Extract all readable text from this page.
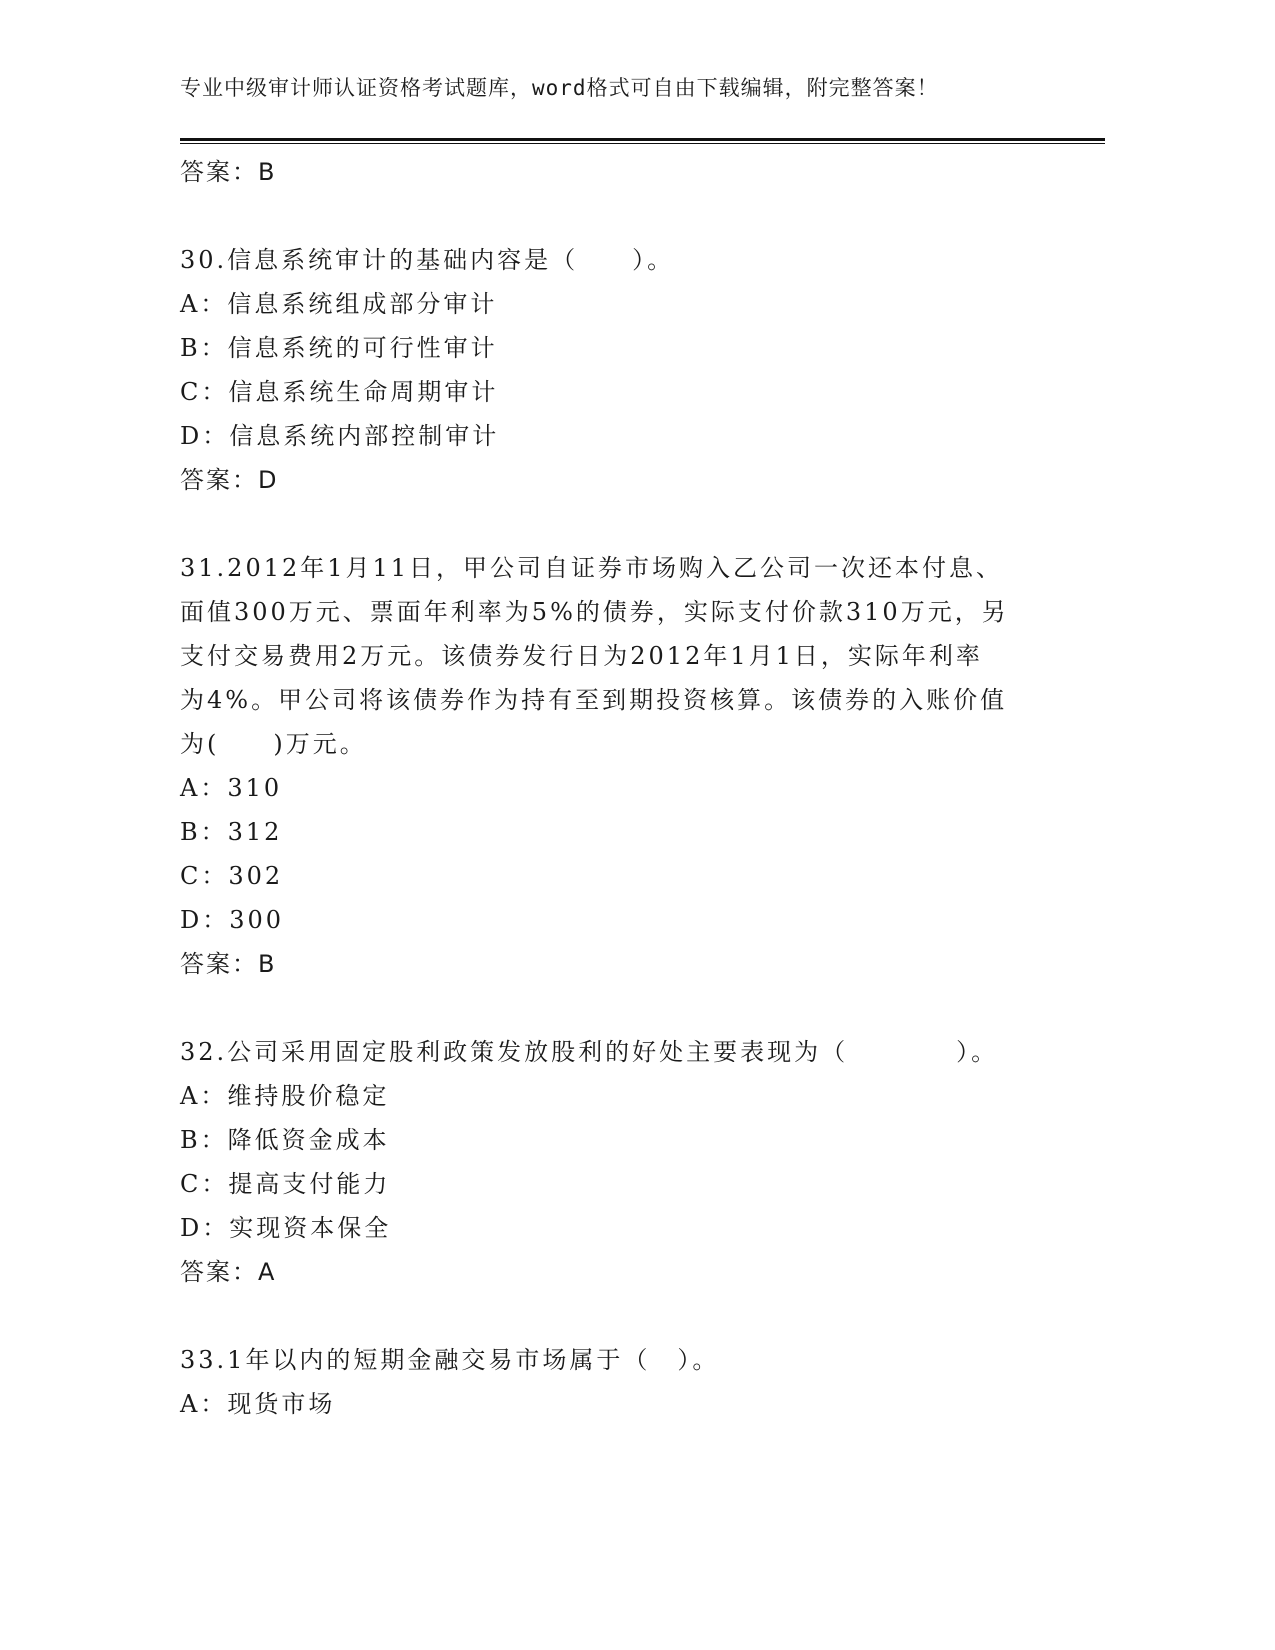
专业中级审计师认证资格考试题库，word格式可自由下载编辑，附完整答案！

答案：B

30.信息系统审计的基础内容是（　　）。

A：信息系统组成部分审计

B：信息系统的可行性审计

C：信息系统生命周期审计

D：信息系统内部控制审计

答案：D

31.2012年1月11日，甲公司自证券市场购入乙公司一次还本付息、

面值300万元、票面年利率为5%的债券，实际支付价款310万元，另

支付交易费用2万元。该债券发行日为2012年1月1日，实际年利率

为4%。甲公司将该债券作为持有至到期投资核算。该债券的入账价值

为(　　)万元。

A：310

B：312

C：302

D：300

答案：B

32.公司采用固定股利政策发放股利的好处主要表现为（　　　　）。

A：维持股价稳定

B：降低资金成本

C：提高支付能力

D：实现资本保全

答案：A

33.1年以内的短期金融交易市场属于（　）。

A：现货市场
